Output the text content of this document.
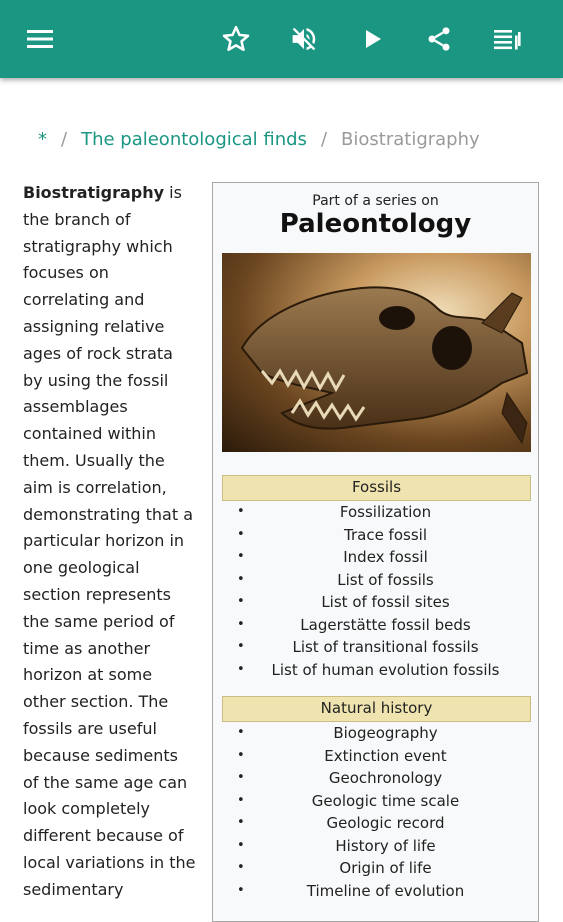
* / The paleontological finds / Biostratigraphy
Biostratigraphy is
the branch of
stratigraphy which
focuses on
correlating and
assigning relative
ages of rock strata
by using the fossil
assemblages
contained within
them. Usually the
aim is correlation,
demonstrating that a
particular horizon in
one geological
section represents
the same period of
time as another
horizon at some
other section. The
fossils are useful
because sediments
of the same age can
look completely
different because of
local variations in the
sedimentary
Part of a series on
Paleontology
Fossils
•	Fossilization
•	Trace fossil
•	Index fossil
•	List of fossils
•	List of fossil sites
•	Lagerstätte fossil beds
•	List of transitional fossils
• List of human evolution fossils
Natural history
•	Biogeography
•	Extinction event
•	Geochronology
•	Geologic time scale
•	Geologic record
•	History of life
•	Origin of life
•	Timeline of evolution
